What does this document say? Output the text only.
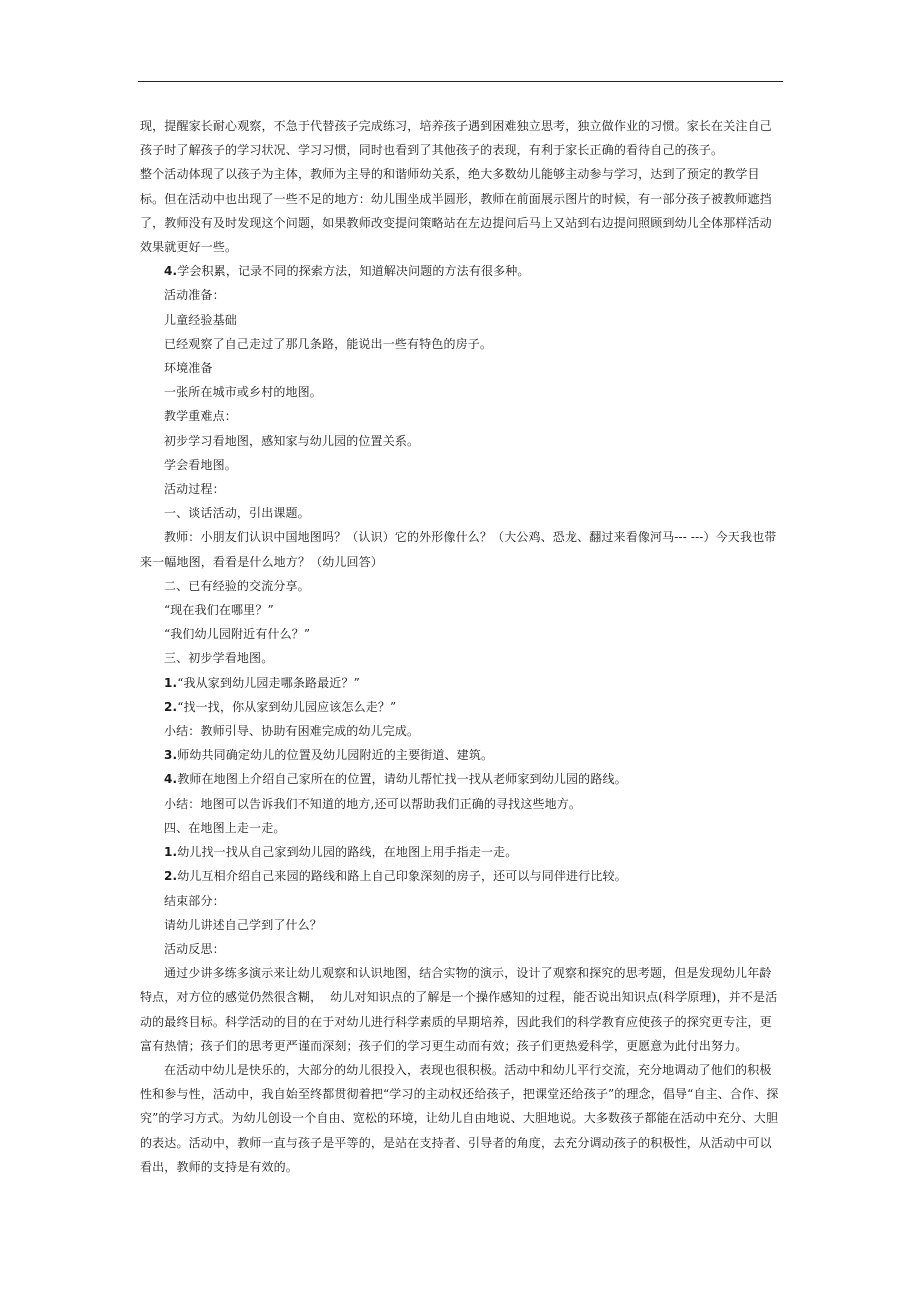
现，提醒家长耐心观察，不急于代替孩子完成练习，培养孩子遇到困难独立思考，独立做作业的习惯。家长在关注自己孩子时了解孩子的学习状况、学习习惯，同时也看到了其他孩子的表现，有利于家长正确的看待自己的孩子。

整个活动体现了以孩子为主体，教师为主导的和谐师幼关系，绝大多数幼儿能够主动参与学习，达到了预定的教学目标。但在活动中也出现了一些不足的地方：幼儿围坐成半圆形，教师在前面展示图片的时候，有一部分孩子被教师遮挡了，教师没有及时发现这个问题，如果教师改变提问策略站在左边提问后马上又站到右边提问照顾到幼儿全体那样活动效果就更好一些。

4.学会积累，记录不同的探索方法，知道解决问题的方法有很多种。

活动准备：

儿童经验基础

已经观察了自己走过了那几条路，能说出一些有特色的房子。

环境准备

一张所在城市或乡村的地图。

教学重难点：

初步学习看地图，感知家与幼儿园的位置关系。

学会看地图。

活动过程：

一、谈话活动，引出课题。

教师：小朋友们认识中国地图吗？（认识）它的外形像什么？（大公鸡、恐龙、翻过来看像河马--- ---）今天我也带来一幅地图，看看是什么地方？（幼儿回答）

二、已有经验的交流分享。

“现在我们在哪里？”

“我们幼儿园附近有什么？”

三、初步学看地图。

1.“我从家到幼儿园走哪条路最近？”

2.“找一找，你从家到幼儿园应该怎么走？”

小结：教师引导、协助有困难完成的幼儿完成。

3.师幼共同确定幼儿的位置及幼儿园附近的主要街道、建筑。

4.教师在地图上介绍自己家所在的位置，请幼儿帮忙找一找从老师家到幼儿园的路线。

小结：地图可以告诉我们不知道的地方,还可以帮助我们正确的寻找这些地方。

四、在地图上走一走。

1.幼儿找一找从自己家到幼儿园的路线，在地图上用手指走一走。

2.幼儿互相介绍自己来园的路线和路上自己印象深刻的房子，还可以与同伴进行比较。

结束部分：

请幼儿讲述自己学到了什么？

活动反思：

通过少讲多练多演示来让幼儿观察和认识地图，结合实物的演示，设计了观察和探究的思考题，但是发现幼儿年龄特点，对方位的感觉仍然很含糊，  幼儿对知识点的了解是一个操作感知的过程，能否说出知识点(科学原理)，并不是活动的最终目标。科学活动的目的在于对幼儿进行科学素质的早期培养，因此我们的科学教育应使孩子的探究更专注，更富有热情；孩子们的思考更严谨而深刻；孩子们的学习更生动而有效；孩子们更热爱科学，更愿意为此付出努力。

在活动中幼儿是快乐的，大部分的幼儿很投入，表现也很积极。活动中和幼儿平行交流，充分地调动了他们的积极性和参与性，活动中，我自始至终都贯彻着把“学习的主动权还给孩子，把课堂还给孩子”的理念，倡导“自主、合作、探究”的学习方式。为幼儿创设一个自由、宽松的环境，让幼儿自由地说、大胆地说。大多数孩子都能在活动中充分、大胆的表达。活动中，教师一直与孩子是平等的，是站在支持者、引导者的角度，去充分调动孩子的积极性，从活动中可以看出，教师的支持是有效的。
